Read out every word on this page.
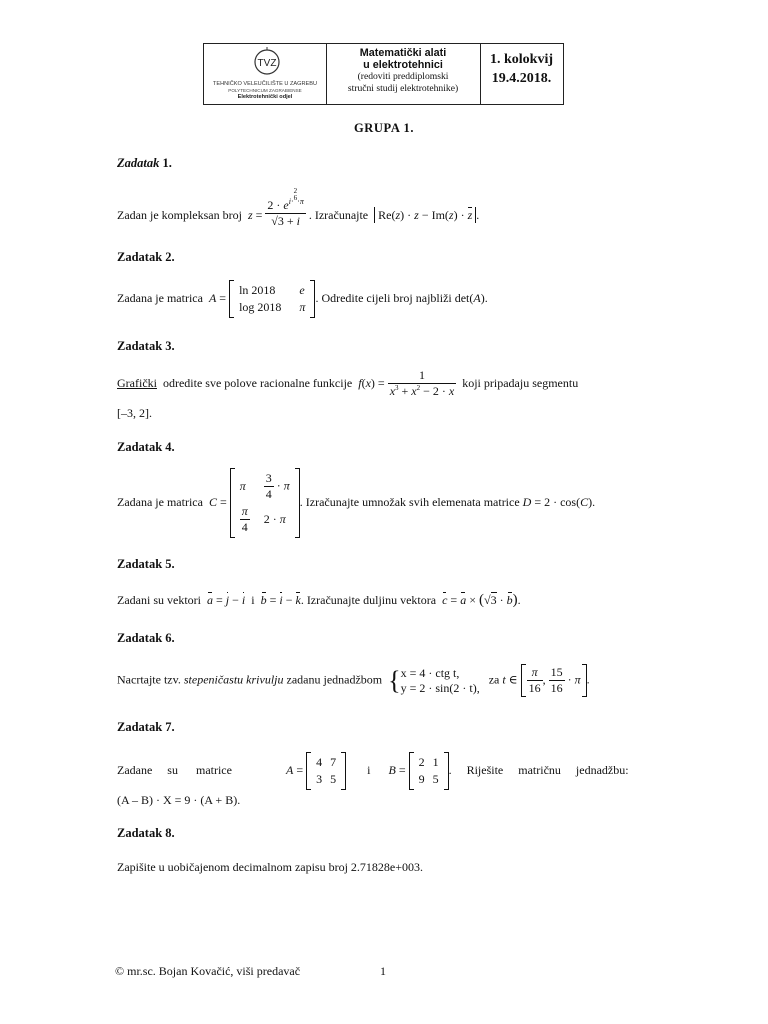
TVZ
TEHNIČKO VELEUČILIŠTE U ZAGREBU
POLYTECHNICUM ZAGRABIENSE
Elektrotehnički odjel
Matematički alati
u elektrotehnici
(redoviti preddiplomski
stručni studij elektrotehnike)
1. kolokvij
19.4.2018.
GRUPA 1.
Zadatak 1.
Zadan je kompleksan broj z =
$2 \cdot e^{i\cdot 2 6\cdot\pi}$
√3 + i . Izračunajte Re(z) · z − Im(z) · z .
Zadatak 2.
Zadana je matrica A =
ln 2018	e
log 2018	π
. Odredite cijeli broj najbliži det(A).
Zadatak 3.
Grafički odredite sve polove racionalne funkcije $f(x) = \frac{1}{x^3 + x^2 - 2 \cdot x}$ koji pripadaju segmentu
[–3, 2].
Zadatak 4.
Zadana je matrica C =
π	$\frac{3}{4} \cdot \pi$

$\frac{\pi}{4}$	2 · π
. Izračunajte umnožak svih elemenata matrice D = 2 · cos(C).
Zadatak 5.
Zadani su vektori a = j − i i b = i − k. Izračunajte duljinu vektora c = a × (√3 · b).
Zadatak 6.
Nacrtajte tzv. stepeničastu krivulju zadanu jednadžbom {x = 4 · ctg t,
y = 2 · sin(2 · t),   za t ∈ $\frac{\pi}{16}$ , $\frac{15}{16} \cdot \pi$ .
Zadatak 7.
Zadane     su      matrice	A =
4	7
3	5
i B =
2	1
9	5
.     Riješite     matričnu     jednadžbu:
(A – B) · X = 9 · (A + B).
Zadatak 8.
Zapišite u uobičajenom decimalnom zapisu broj 2.71828e+003.
© mr.sc. Bojan Kovačić, viši predavač	1
